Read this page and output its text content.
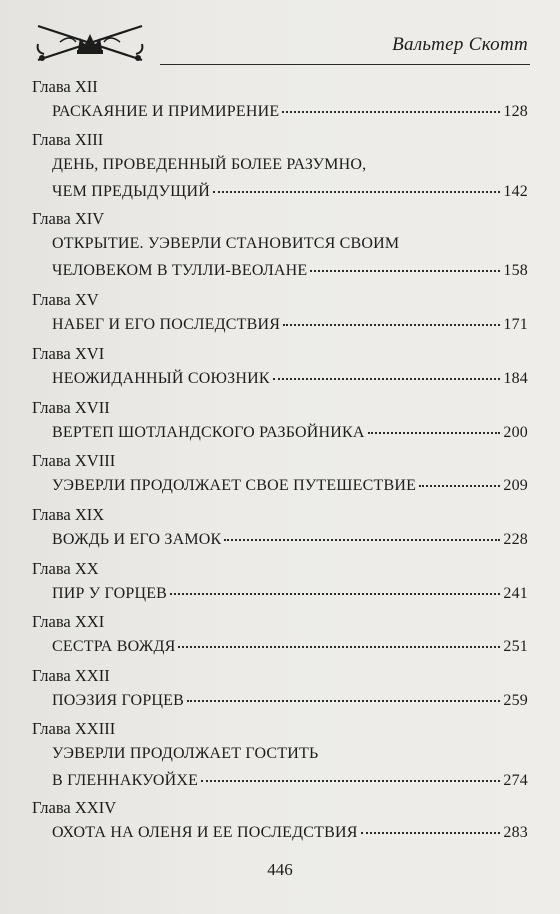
Вальтер Скотт
Глава XII
РАСКАЯНИЕ И ПРИМИРЕНИЕ	128
Глава XIII
ДЕНЬ, ПРОВЕДЕННЫЙ БОЛЕЕ РАЗУМНО,
ЧЕМ ПРЕДЫДУЩИЙ	142
Глава XIV
ОТКРЫТИЕ. УЭВЕРЛИ СТАНОВИТСЯ СВОИМ
ЧЕЛОВЕКОМ В ТУЛЛИ-ВЕОЛАНЕ	158
Глава XV
НАБЕГ И ЕГО ПОСЛЕДСТВИЯ	171
Глава XVI
НЕОЖИДАННЫЙ СОЮЗНИК	184
Глава XVII
ВЕРТЕП ШОТЛАНДСКОГО РАЗБОЙНИКА	200
Глава XVIII
УЭВЕРЛИ ПРОДОЛЖАЕТ СВОЕ ПУТЕШЕСТВИЕ	209
Глава XIX
ВОЖДЬ И ЕГО ЗАМОК	228
Глава XX
ПИР У ГОРЦЕВ	241
Глава XXI
СЕСТРА ВОЖДЯ	251
Глава XXII
ПОЭЗИЯ ГОРЦЕВ	259
Глава XXIII
УЭВЕРЛИ ПРОДОЛЖАЕТ ГОСТИТЬ
В ГЛЕННАКУОЙХЕ	274
Глава XXIV
ОХОТА НА ОЛЕНЯ И ЕЕ ПОСЛЕДСТВИЯ	283
446
